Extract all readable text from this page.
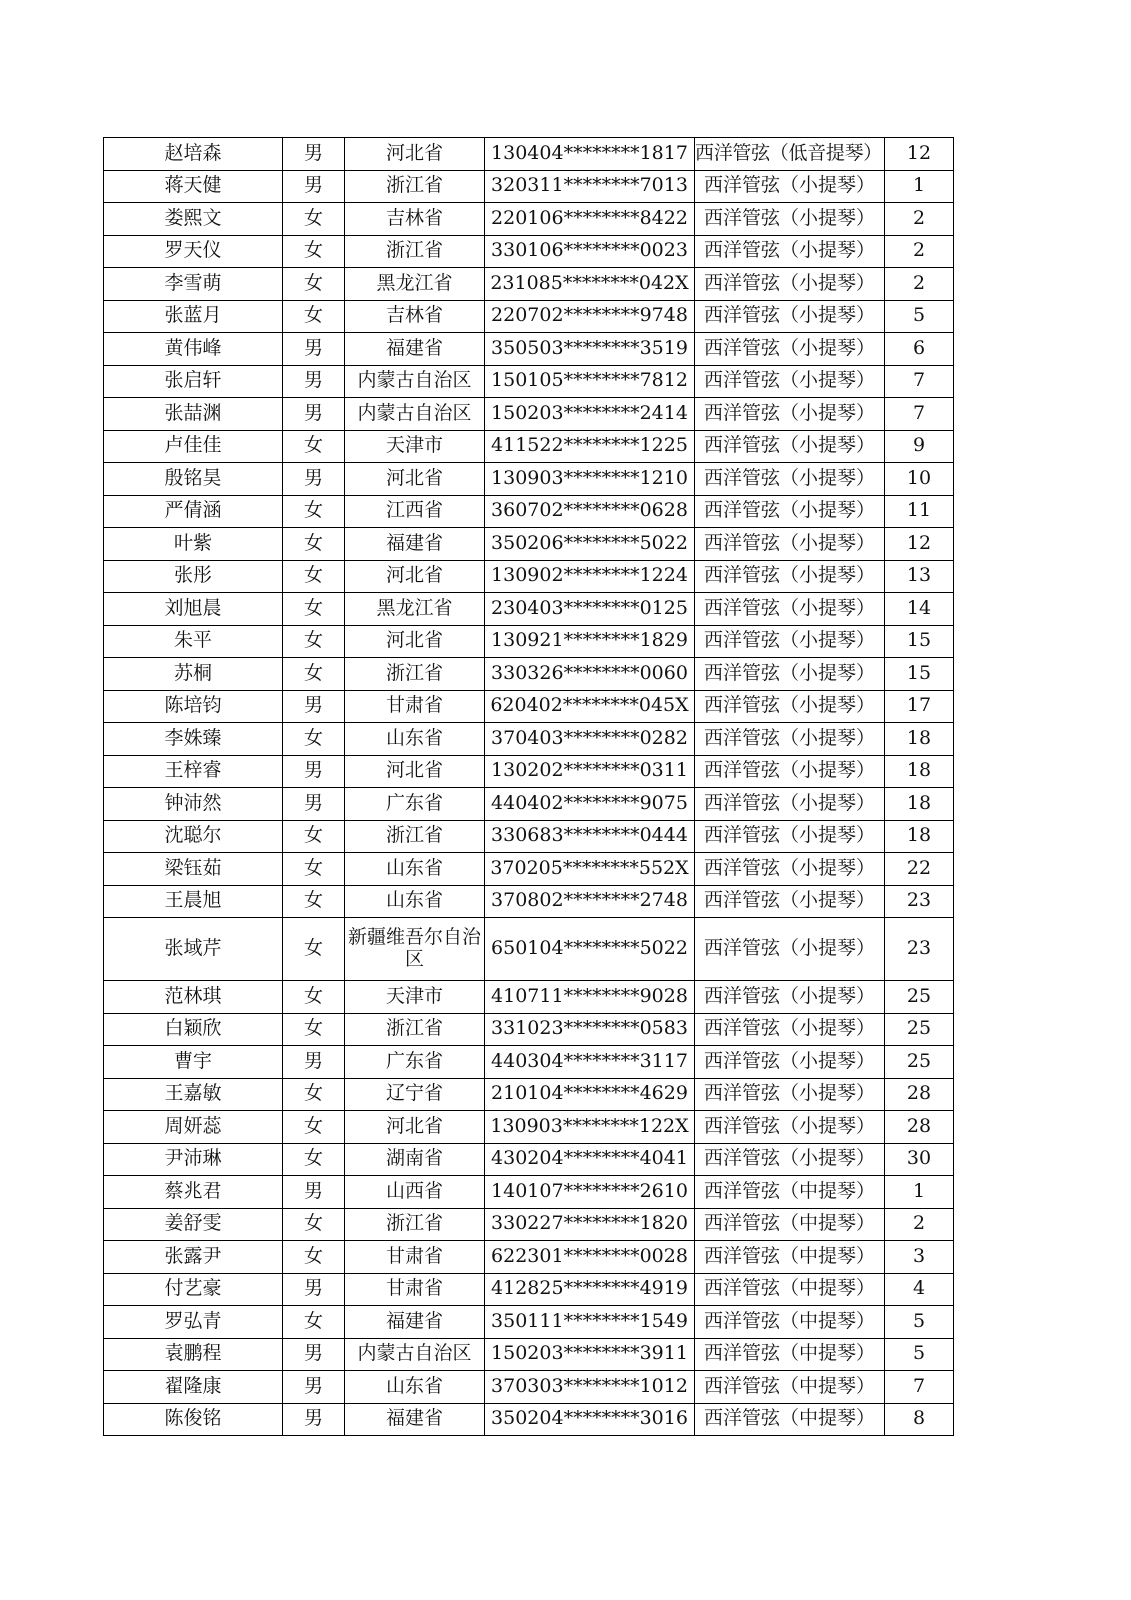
赵培森	男	河北省	130404********1817	西洋管弦（低音提琴）	12
蒋天健	男	浙江省	320311********7013	西洋管弦（小提琴）	1
娄熙文	女	吉林省	220106********8422	西洋管弦（小提琴）	2
罗天仪	女	浙江省	330106********0023	西洋管弦（小提琴）	2
李雪萌	女	黑龙江省	231085********042X	西洋管弦（小提琴）	2
张蓝月	女	吉林省	220702********9748	西洋管弦（小提琴）	5
黄伟峰	男	福建省	350503********3519	西洋管弦（小提琴）	6
张启轩	男	内蒙古自治区	150105********7812	西洋管弦（小提琴）	7
张喆渊	男	内蒙古自治区	150203********2414	西洋管弦（小提琴）	7
卢佳佳	女	天津市	411522********1225	西洋管弦（小提琴）	9
殷铭昊	男	河北省	130903********1210	西洋管弦（小提琴）	10
严倩涵	女	江西省	360702********0628	西洋管弦（小提琴）	11
叶紫	女	福建省	350206********5022	西洋管弦（小提琴）	12
张彤	女	河北省	130902********1224	西洋管弦（小提琴）	13
刘旭晨	女	黑龙江省	230403********0125	西洋管弦（小提琴）	14
朱平	女	河北省	130921********1829	西洋管弦（小提琴）	15
苏桐	女	浙江省	330326********0060	西洋管弦（小提琴）	15
陈培钧	男	甘肃省	620402********045X	西洋管弦（小提琴）	17
李姝臻	女	山东省	370403********0282	西洋管弦（小提琴）	18
王梓睿	男	河北省	130202********0311	西洋管弦（小提琴）	18
钟沛然	男	广东省	440402********9075	西洋管弦（小提琴）	18
沈聪尔	女	浙江省	330683********0444	西洋管弦（小提琴）	18
梁钰茹	女	山东省	370205********552X	西洋管弦（小提琴）	22
王晨旭	女	山东省	370802********2748	西洋管弦（小提琴）	23
张域芹	女	新疆维吾尔自治区	650104********5022	西洋管弦（小提琴）	23
范林琪	女	天津市	410711********9028	西洋管弦（小提琴）	25
白颖欣	女	浙江省	331023********0583	西洋管弦（小提琴）	25
曹宇	男	广东省	440304********3117	西洋管弦（小提琴）	25
王嘉敏	女	辽宁省	210104********4629	西洋管弦（小提琴）	28
周妍蕊	女	河北省	130903********122X	西洋管弦（小提琴）	28
尹沛琳	女	湖南省	430204********4041	西洋管弦（小提琴）	30
蔡兆君	男	山西省	140107********2610	西洋管弦（中提琴）	1
姜舒雯	女	浙江省	330227********1820	西洋管弦（中提琴）	2
张露尹	女	甘肃省	622301********0028	西洋管弦（中提琴）	3
付艺豪	男	甘肃省	412825********4919	西洋管弦（中提琴）	4
罗弘青	女	福建省	350111********1549	西洋管弦（中提琴）	5
袁鹏程	男	内蒙古自治区	150203********3911	西洋管弦（中提琴）	5
翟隆康	男	山东省	370303********1012	西洋管弦（中提琴）	7
陈俊铭	男	福建省	350204********3016	西洋管弦（中提琴）	8
